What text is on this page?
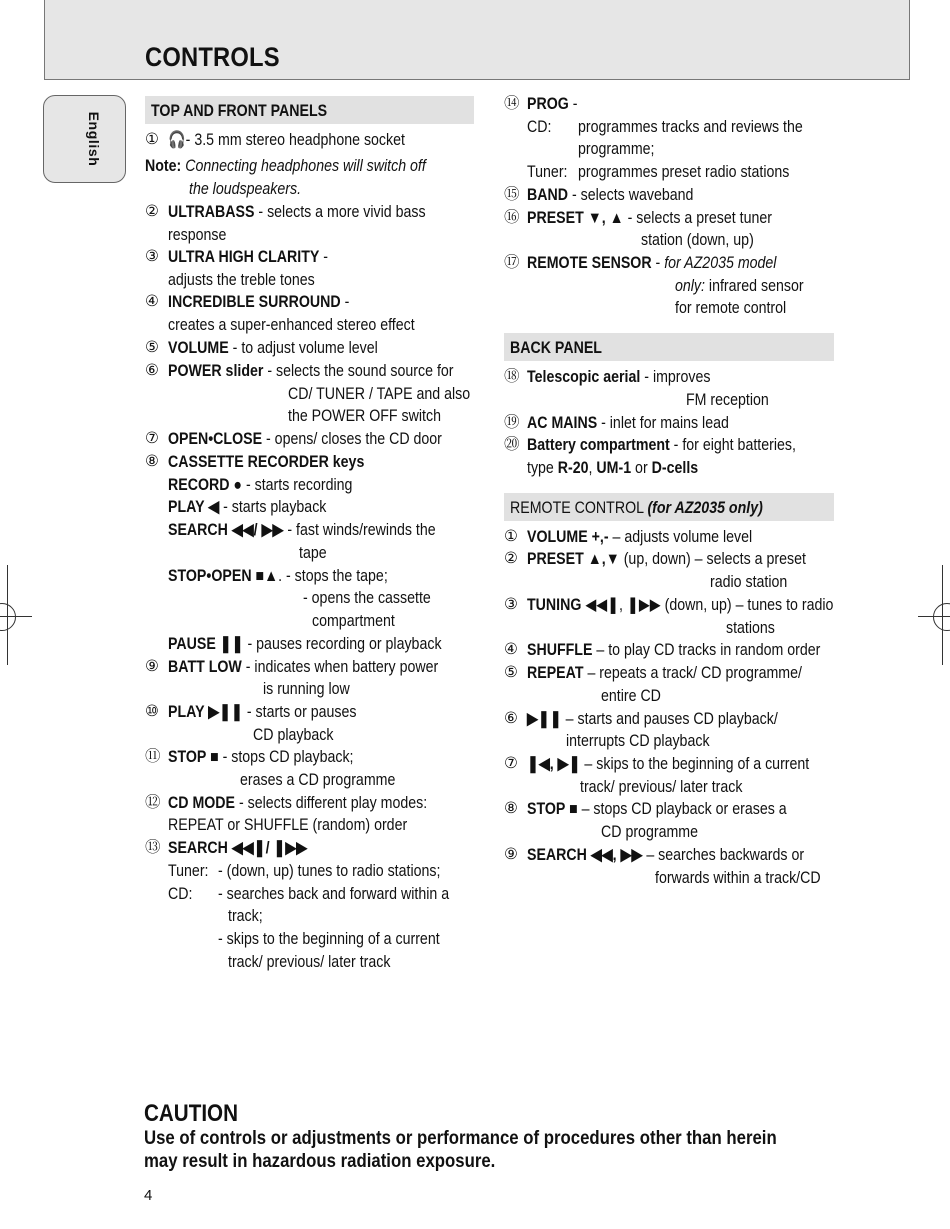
CONTROLS
English
TOP AND FRONT PANELS
① 🎧- 3.5 mm stereo headphone socket
Note: Connecting headphones will switch off
the loudspeakers.
② ULTRABASS - selects a more vivid bass
response
③ ULTRA HIGH CLARITY -
adjusts the treble tones
④ INCREDIBLE SURROUND -
creates a super-enhanced stereo effect
⑤ VOLUME - to adjust volume level
⑥ POWER slider - selects the sound source for
CD/ TUNER / TAPE and also
the POWER OFF switch
⑦ OPEN•CLOSE - opens/ closes the CD door
⑧ CASSETTE RECORDER keys
RECORD ● - starts recording
PLAY ◀ - starts playback
SEARCH ◀◀/ ▶▶ - fast winds/rewinds the
tape
STOP•OPEN ■▲. - stops the tape;
- opens the cassette
compartment
PAUSE ❚❚ - pauses recording or playback
⑨ BATT LOW - indicates when battery power
is running low
⑩ PLAY ▶❚❚ - starts or pauses
CD playback
⑪ STOP ■ - stops CD playback;
erases a CD programme
⑫ CD MODE - selects different play modes:
REPEAT or SHUFFLE (random) order
⑬ SEARCH ◀◀❚/ ❚▶▶
Tuner: - (down, up) tunes to radio stations;
CD: - searches back and forward within a
track;
- skips to the beginning of a current
track/ previous/ later track
⑭ PROG -
CD: programmes tracks and reviews the
programme;
Tuner: programmes preset radio stations
⑮ BAND - selects waveband
⑯ PRESET ▼, ▲ - selects a preset tuner
station (down, up)
⑰ REMOTE SENSOR - for AZ2035 model
only: infrared sensor
for remote control
BACK PANEL
⑱ Telescopic aerial - improves
FM reception
⑲ AC MAINS - inlet for mains lead
⑳ Battery compartment - for eight batteries,
type R-20, UM-1 or D-cells
REMOTE CONTROL (for AZ2035 only)
① VOLUME +,- – adjusts volume level
② PRESET ▲,▼ (up, down) – selects a preset
radio station
③ TUNING ◀◀❚, ❚▶▶ (down, up) – tunes to radio
stations
④ SHUFFLE – to play CD tracks in random order
⑤ REPEAT – repeats a track/ CD programme/
entire CD
⑥ ▶❚❚ – starts and pauses CD playback/
interrupts CD playback
⑦ ❚◀, ▶❚ – skips to the beginning of a current
track/ previous/ later track
⑧ STOP ■ – stops CD playback or erases a
CD programme
⑨ SEARCH ◀◀, ▶▶ – searches backwards or
forwards within a track/CD
CAUTION
Use of controls or adjustments or performance of procedures other than herein
may result in hazardous radiation exposure.
4
